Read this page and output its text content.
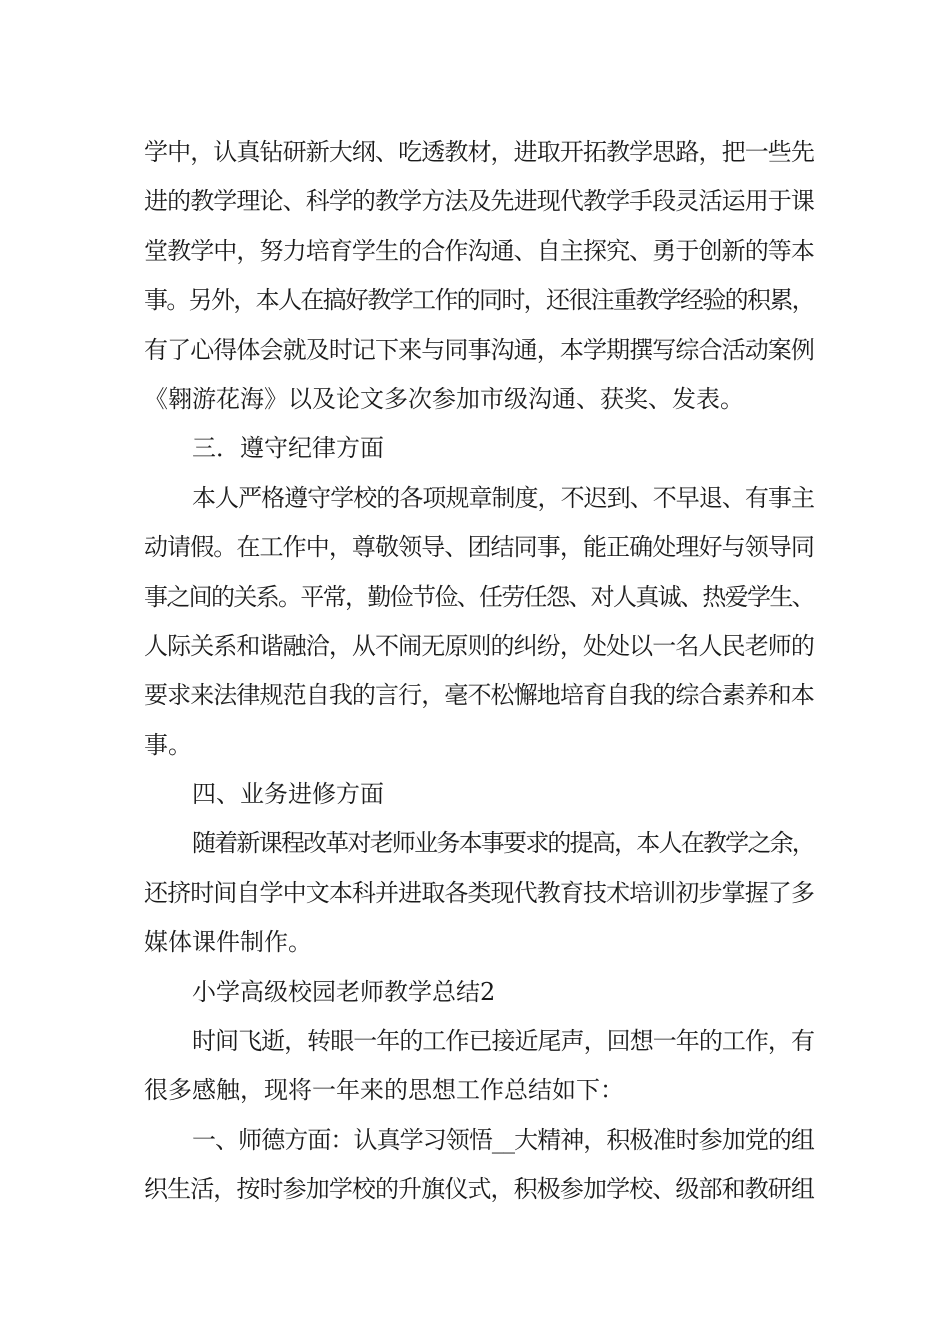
学中，认真钻研新大纲、吃透教材，进取开拓教学思路，把一些先
进的教学理论、科学的教学方法及先进现代教学手段灵活运用于课
堂教学中，努力培育学生的合作沟通、自主探究、勇于创新的等本
事。另外，本人在搞好教学工作的同时，还很注重教学经验的积累，
有了心得体会就及时记下来与同事沟通，本学期撰写综合活动案例
《翱游花海》以及论文多次参加市级沟通、获奖、发表。
三．遵守纪律方面
本人严格遵守学校的各项规章制度，不迟到、不早退、有事主
动请假。在工作中，尊敬领导、团结同事，能正确处理好与领导同
事之间的关系。平常，勤俭节俭、任劳任怨、对人真诚、热爱学生、
人际关系和谐融洽，从不闹无原则的纠纷，处处以一名人民老师的
要求来法律规范自我的言行，毫不松懈地培育自我的综合素养和本
事。
四、业务进修方面
随着新课程改革对老师业务本事要求的提高，本人在教学之余，
还挤时间自学中文本科并进取各类现代教育技术培训初步掌握了多
媒体课件制作。
小学高级校园老师教学总结2
时间飞逝，转眼一年的工作已接近尾声，回想一年的工作，有
很多感触，现将一年来的思想工作总结如下：
一、师德方面：认真学习领悟__大精神，积极准时参加党的组
织生活，按时参加学校的升旗仪式，积极参加学校、级部和教研组
